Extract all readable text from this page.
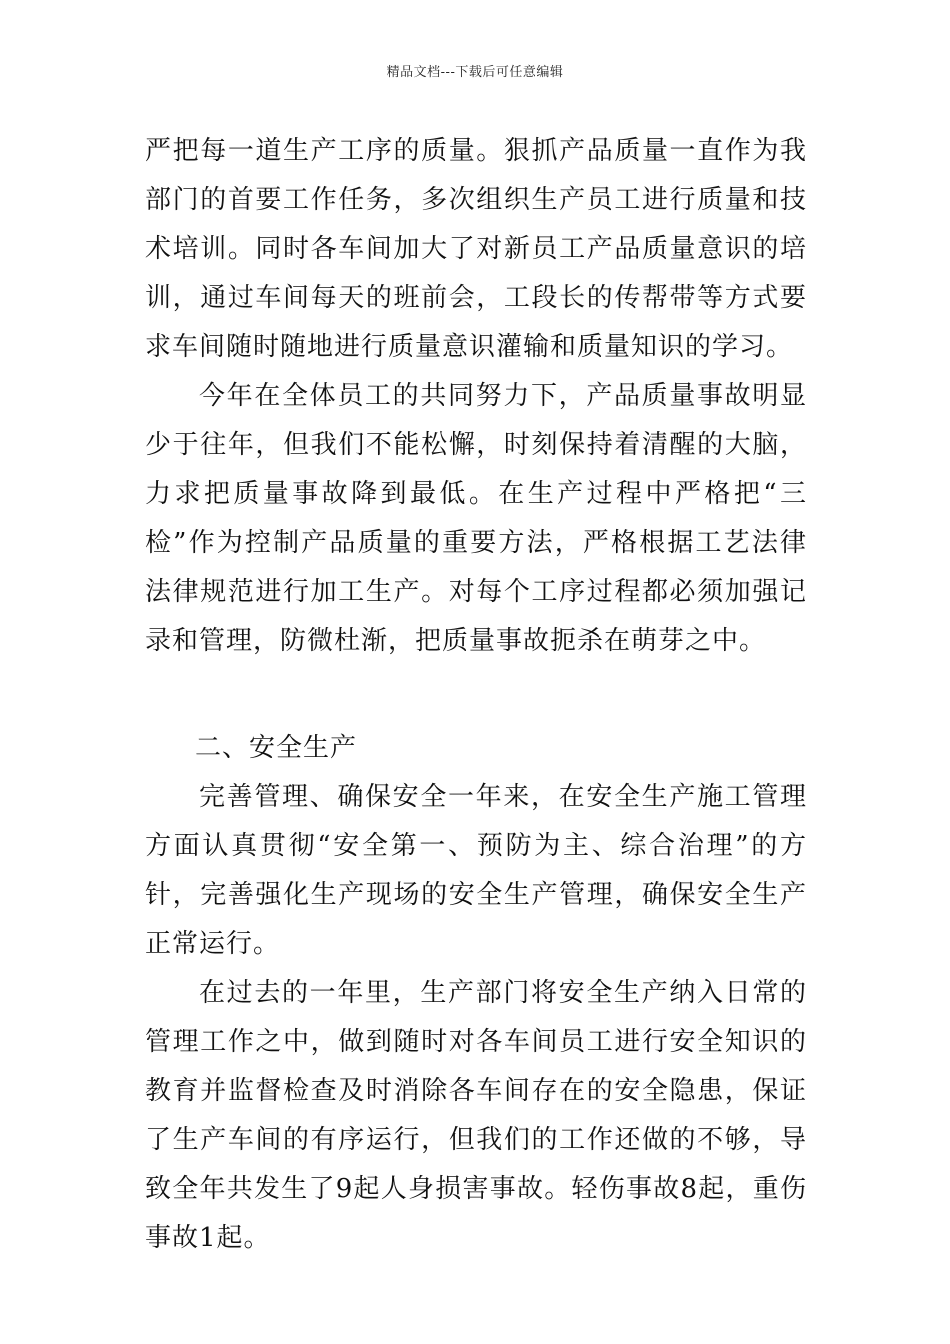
精品文档---下载后可任意编辑

严把每一道生产工序的质量。狠抓产品质量一直作为我部门的首要工作任务，多次组织生产员工进行质量和技术培训。同时各车间加大了对新员工产品质量意识的培训，通过车间每天的班前会，工段长的传帮带等方式要求车间随时随地进行质量意识灌输和质量知识的学习。

今年在全体员工的共同努力下，产品质量事故明显少于往年，但我们不能松懈，时刻保持着清醒的大脑，力求把质量事故降到最低。在生产过程中严格把“三检”作为控制产品质量的重要方法，严格根据工艺法律法律规范进行加工生产。对每个工序过程都必须加强记录和管理，防微杜渐，把质量事故扼杀在萌芽之中。

二、安全生产

完善管理、确保安全一年来，在安全生产施工管理方面认真贯彻“安全第一、预防为主、综合治理”的方针，完善强化生产现场的安全生产管理，确保安全生产正常运行。

在过去的一年里，生产部门将安全生产纳入日常的管理工作之中，做到随时对各车间员工进行安全知识的教育并监督检查及时消除各车间存在的安全隐患，保证了生产车间的有序运行，但我们的工作还做的不够，导致全年共发生了9起人身损害事故。轻伤事故8起，重伤事故1起。
